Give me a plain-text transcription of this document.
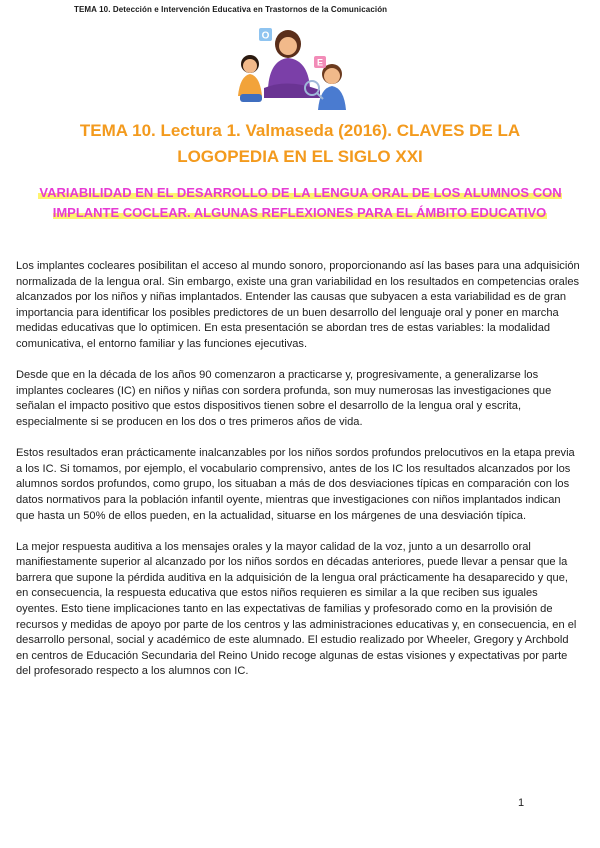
TEMA 10. Detección e Intervención Educativa en Trastornos de la Comunicación
O
E
TEMA 10. Lectura 1. Valmaseda (2016). CLAVES DE LA LOGOPEDIA EN EL SIGLO XXI
VARIABILIDAD EN EL DESARROLLO DE LA LENGUA ORAL DE LOS ALUMNOS CON IMPLANTE COCLEAR. ALGUNAS REFLEXIONES PARA EL ÁMBITO EDUCATIVO

Los implantes cocleares posibilitan el acceso al mundo sonoro, proporcionando así las bases para una adquisición normalizada de la lengua oral. Sin embargo, existe una gran variabilidad en los resultados en competencias orales alcanzados por los niños y niñas implantados. Entender las causas que subyacen a esta variabilidad es de gran importancia para identificar los posibles predictores de un buen desarrollo del lenguaje oral y poner en marcha medidas educativas que lo optimicen. En esta presentación se abordan tres de estas variables: la modalidad comunicativa, el entorno familiar y las funciones ejecutivas.

Desde que en la década de los años 90 comenzaron a practicarse y, progresivamente, a generalizarse los implantes cocleares (IC) en niños y niñas con sordera profunda, son muy numerosas las investigaciones que señalan el impacto positivo que estos dispositivos tienen sobre el desarrollo de la lengua oral y escrita, especialmente si se producen en los dos o tres primeros años de vida.

Estos resultados eran prácticamente inalcanzables por los niños sordos profundos prelocutivos en la etapa previa a los IC. Si tomamos, por ejemplo, el vocabulario comprensivo, antes de los IC los resultados alcanzados por los alumnos sordos profundos, como grupo, los situaban a más de dos desviaciones típicas en comparación con los datos normativos para la población infantil oyente, mientras que investigaciones con niños implantados indican que hasta un 50% de ellos pueden, en la actualidad, situarse en los márgenes de una desviación típica.

La mejor respuesta auditiva a los mensajes orales y la mayor calidad de la voz, junto a un desarrollo oral manifiestamente superior al alcanzado por los niños sordos en décadas anteriores, puede llevar a pensar que la barrera que supone la pérdida auditiva en la adquisición de la lengua oral prácticamente ha desaparecido y que, en consecuencia, la respuesta educativa que estos niños requieren es similar a la que reciben sus iguales oyentes. Esto tiene implicaciones tanto en las expectativas de familias y profesorado como en la provisión de recursos y medidas de apoyo por parte de los centros y las administraciones educativas y, en consecuencia, en el desarrollo personal, social y académico de este alumnado. El estudio realizado por Wheeler, Gregory y Archbold en centros de Educación Secundaria del Reino Unido recoge algunas de estas visiones y expectativas por parte del profesorado respecto a los alumnos con IC.

1
